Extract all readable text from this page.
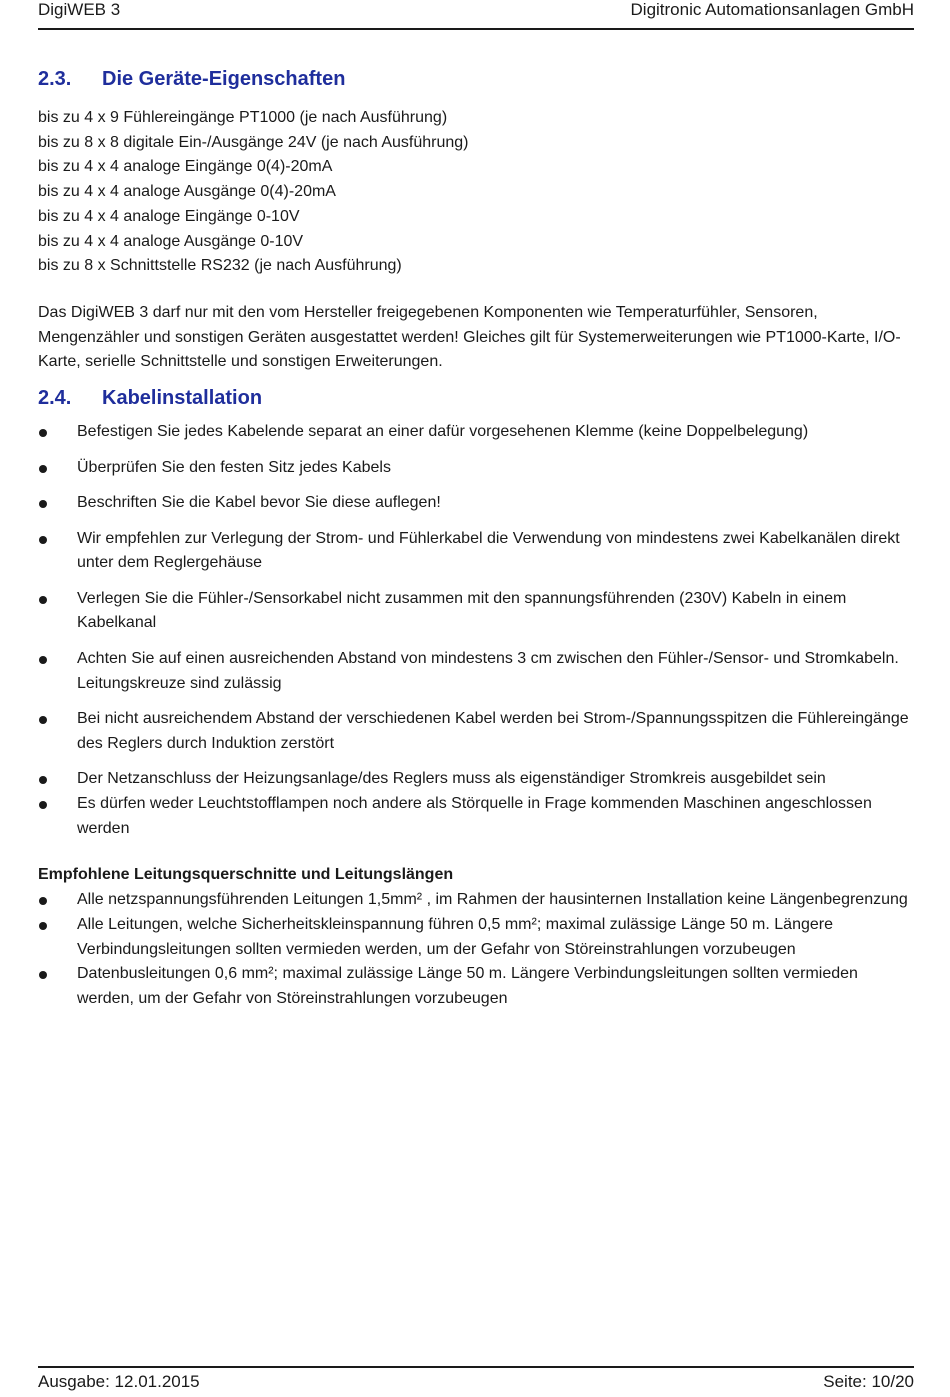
DigiWEB 3	Digitronic Automationsanlagen GmbH
2.3.	Die Geräte-Eigenschaften
bis zu 4 x 9 Fühlereingänge PT1000 (je nach Ausführung)
bis zu 8 x 8 digitale Ein-/Ausgänge 24V (je nach Ausführung)
bis zu 4 x 4 analoge Eingänge 0(4)-20mA
bis zu 4 x 4 analoge Ausgänge 0(4)-20mA
bis zu 4 x 4 analoge Eingänge 0-10V
bis zu 4 x 4 analoge Ausgänge 0-10V
bis zu 8 x Schnittstelle RS232 (je nach Ausführung)

Das DigiWEB 3 darf nur mit den vom Hersteller freigegebenen Komponenten wie Temperaturfühler, Sensoren, Mengenzähler und sonstigen Geräten ausgestattet werden! Gleiches gilt für Systemerweiterungen wie PT1000-Karte, I/O-Karte, serielle Schnittstelle und sonstigen Erweiterungen.

2.4.	Kabelinstallation
Befestigen Sie jedes Kabelende separat an einer dafür vorgesehenen Klemme (keine Doppelbelegung)
Überprüfen Sie den festen Sitz jedes Kabels
Beschriften Sie die Kabel bevor Sie diese auflegen!
Wir empfehlen zur Verlegung der Strom- und Fühlerkabel die Verwendung von mindestens zwei Kabelkanälen direkt unter dem Reglergehäuse
Verlegen Sie die Fühler-/Sensorkabel nicht zusammen mit den spannungsführenden (230V) Kabeln in einem Kabelkanal
Achten Sie auf einen ausreichenden Abstand von mindestens 3 cm zwischen den Fühler-/Sensor- und Stromkabeln. Leitungskreuze sind zulässig
Bei nicht ausreichendem Abstand der verschiedenen Kabel werden bei Strom-/Spannungsspitzen die Fühlereingänge des Reglers durch Induktion zerstört
Der Netzanschluss der Heizungsanlage/des Reglers muss als eigenständiger Stromkreis ausgebildet sein
Es dürfen weder Leuchtstofflampen noch andere als Störquelle in Frage kommenden Maschinen angeschlossen werden
Empfohlene Leitungsquerschnitte und Leitungslängen
Alle netzspannungsführenden Leitungen 1,5mm² , im Rahmen der hausinternen Installation keine Längenbegrenzung
Alle Leitungen, welche Sicherheitskleinspannung führen 0,5 mm²; maximal zulässige Länge 50 m. Längere Verbindungsleitungen sollten vermieden werden, um der Gefahr von Störeinstrahlungen vorzubeugen
Datenbusleitungen 0,6 mm²; maximal zulässige Länge 50 m. Längere Verbindungsleitungen sollten vermieden werden, um der Gefahr von Störeinstrahlungen vorzubeugen
Ausgabe: 12.01.2015	Seite: 10/20
